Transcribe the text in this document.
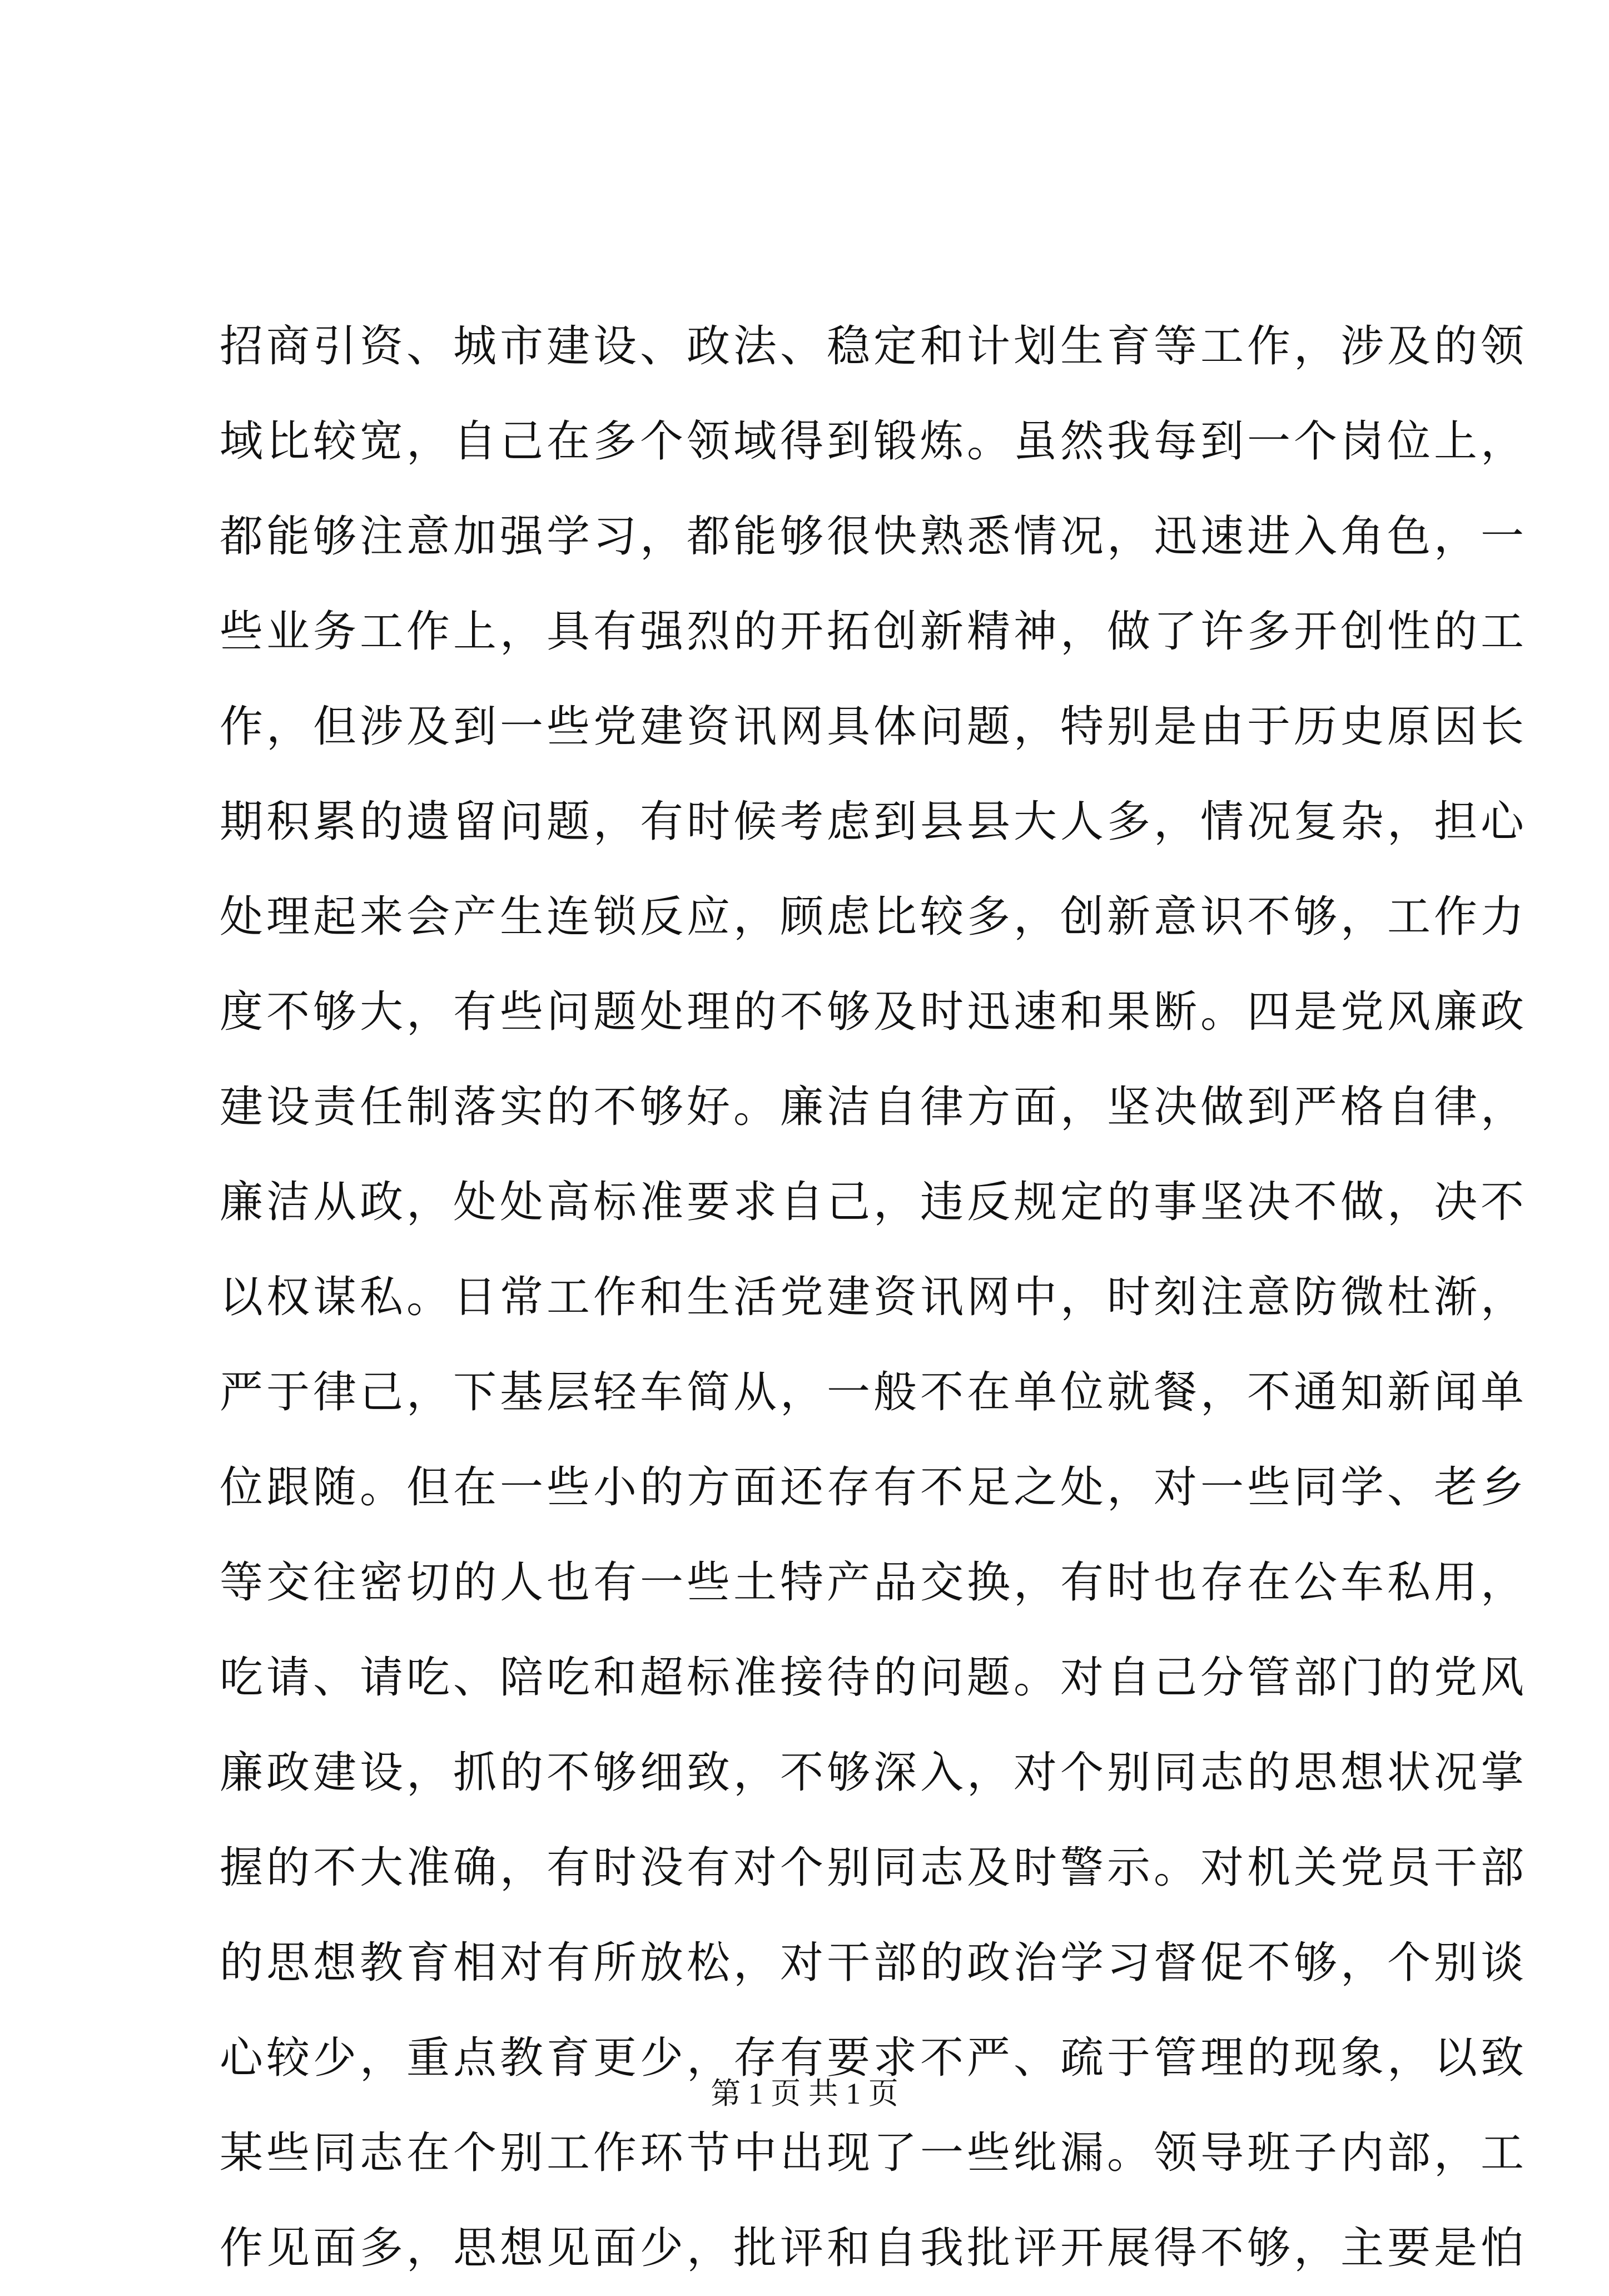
招商引资、城市建设、政法、稳定和计划生育等工作，涉及的领
域比较宽，自己在多个领域得到锻炼。虽然我每到一个岗位上，
都能够注意加强学习，都能够很快熟悉情况，迅速进入角色，一
些业务工作上，具有强烈的开拓创新精神，做了许多开创性的工
作，但涉及到一些党建资讯网具体问题，特别是由于历史原因长
期积累的遗留问题，有时候考虑到县县大人多，情况复杂，担心
处理起来会产生连锁反应，顾虑比较多，创新意识不够，工作力
度不够大，有些问题处理的不够及时迅速和果断。四是党风廉政
建设责任制落实的不够好。廉洁自律方面，坚决做到严格自律，
廉洁从政，处处高标准要求自己，违反规定的事坚决不做，决不
以权谋私。日常工作和生活党建资讯网中，时刻注意防微杜渐，
严于律己，下基层轻车简从，一般不在单位就餐，不通知新闻单
位跟随。但在一些小的方面还存有不足之处，对一些同学、老乡
等交往密切的人也有一些土特产品交换，有时也存在公车私用，
吃请、请吃、陪吃和超标准接待的问题。对自己分管部门的党风
廉政建设，抓的不够细致，不够深入，对个别同志的思想状况掌
握的不大准确，有时没有对个别同志及时警示。对机关党员干部
的思想教育相对有所放松，对干部的政治学习督促不够，个别谈
心较少，重点教育更少，存有要求不严、疏于管理的现象，以致
某些同志在个别工作环节中出现了一些纰漏。领导班子内部，工
作见面多，思想见面少，批评和自我批评开展得不够，主要是怕
第 1 页 共 1 页
